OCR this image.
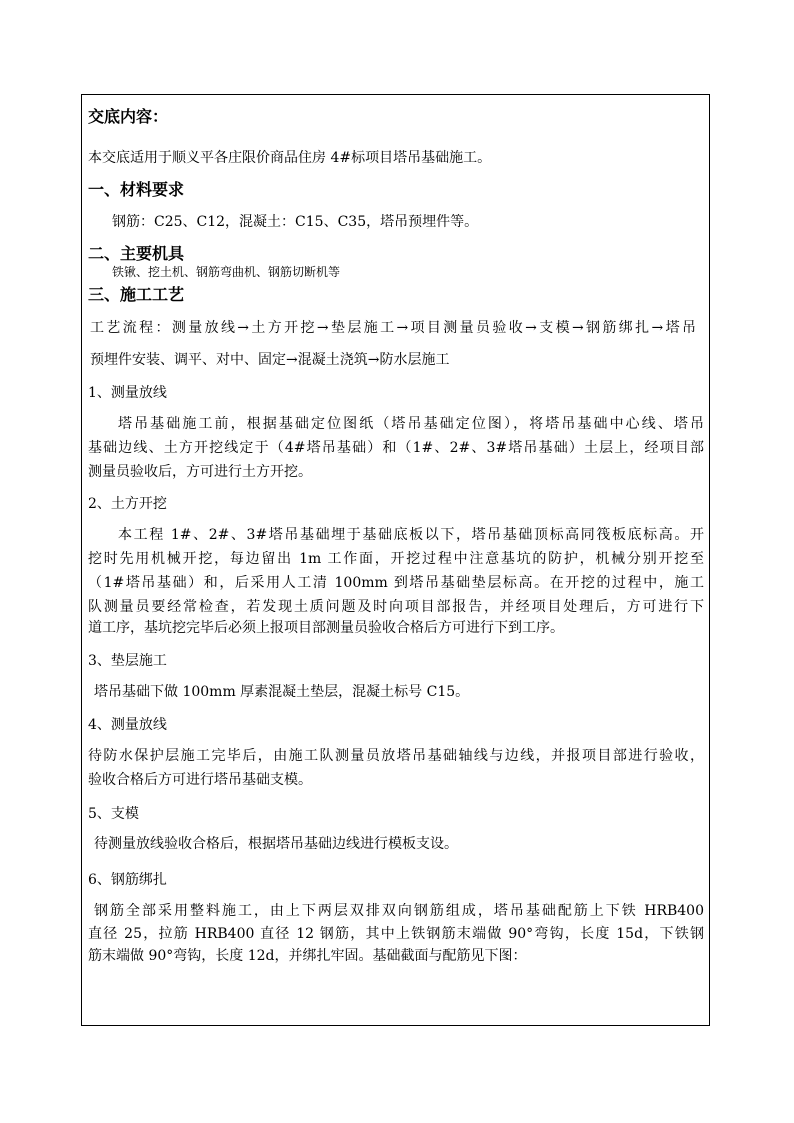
交底内容：
本交底适用于顺义平各庄限价商品住房 4#标项目塔吊基础施工。
一、材料要求
钢筋：C25、C12，混凝土：C15、C35，塔吊预埋件等。
二、主要机具
铁锹、挖土机、钢筋弯曲机、钢筋切断机等
三、施工工艺
工艺流程：测量放线→土方开挖→垫层施工→项目测量员验收→支模→钢筋绑扎→塔吊
预埋件安装、调平、对中、固定→混凝土浇筑→防水层施工
1、测量放线
塔吊基础施工前，根据基础定位图纸（塔吊基础定位图），将塔吊基础中心线、塔吊
基础边线、土方开挖线定于（4#塔吊基础）和（1#、2#、3#塔吊基础）土层上，经项目部
测量员验收后，方可进行土方开挖。
2、土方开挖
本工程 1#、2#、3#塔吊基础埋于基础底板以下，塔吊基础顶标高同筏板底标高。开
挖时先用机械开挖，每边留出 1m 工作面，开挖过程中注意基坑的防护，机械分别开挖至
（1#塔吊基础）和，后采用人工清 100mm 到塔吊基础垫层标高。在开挖的过程中，施工
队测量员要经常检查，若发现土质问题及时向项目部报告，并经项目处理后，方可进行下
道工序，基坑挖完毕后必须上报项目部测量员验收合格后方可进行下到工序。
3、垫层施工
塔吊基础下做 100mm 厚素混凝土垫层，混凝土标号 C15。
4、测量放线
待防水保护层施工完毕后，由施工队测量员放塔吊基础轴线与边线，并报项目部进行验收，
验收合格后方可进行塔吊基础支模。
5、支模
待测量放线验收合格后，根据塔吊基础边线进行模板支设。
6、钢筋绑扎
钢筋全部采用整料施工，由上下两层双排双向钢筋组成，塔吊基础配筋上下铁 HRB400
直径 25，拉筋 HRB400 直径 12 钢筋，其中上铁钢筋末端做 90°弯钩，长度 15d，下铁钢
筋末端做 90°弯钩，长度 12d，并绑扎牢固。基础截面与配筋见下图：
